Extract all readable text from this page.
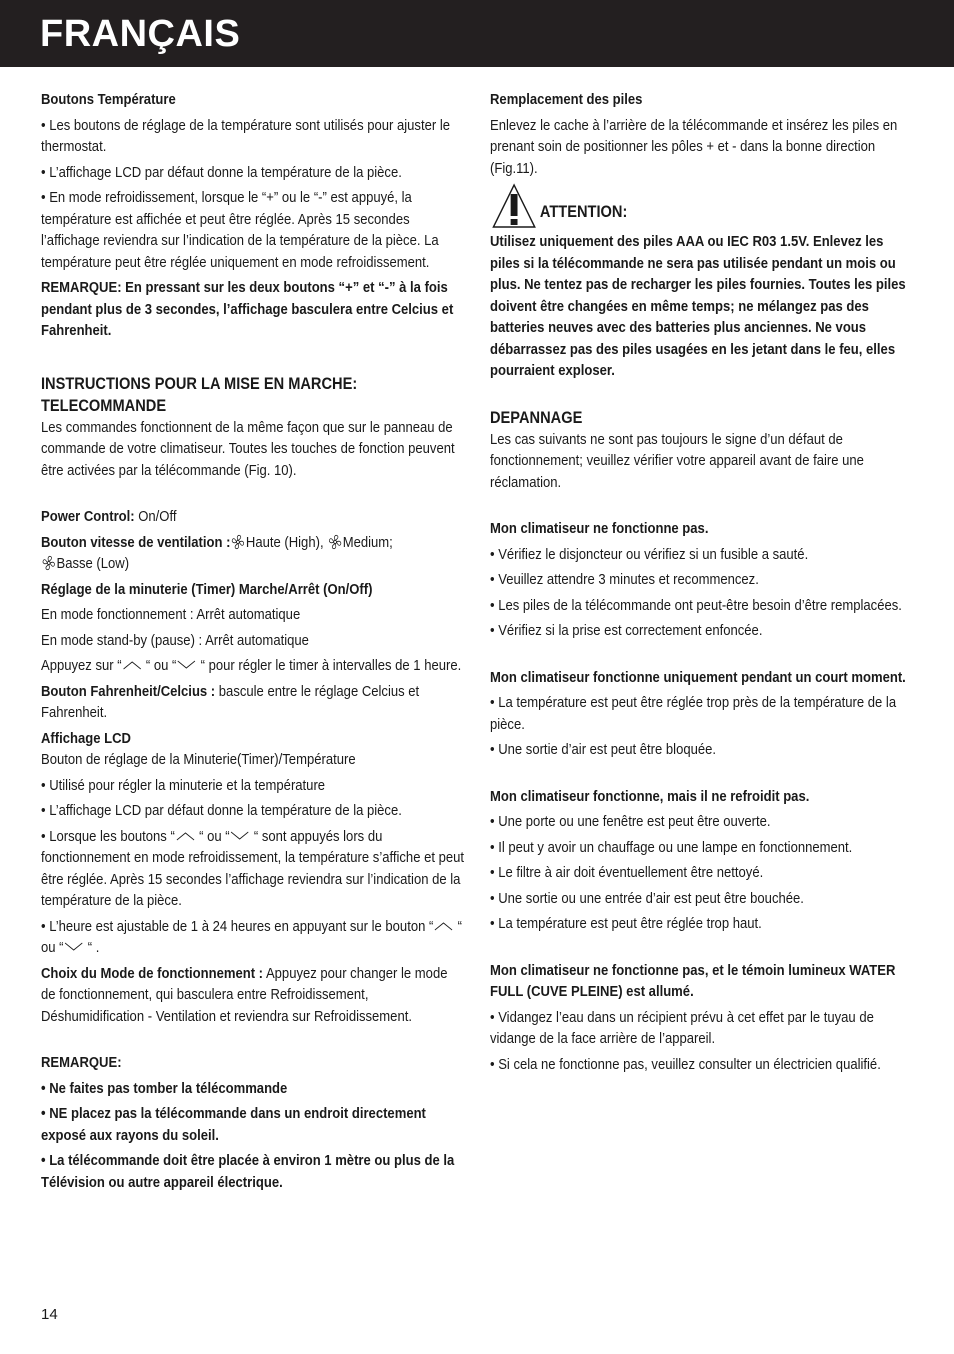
FRANÇAIS

Boutons Température

• Les boutons de réglage de la température sont utilisés pour ajuster le thermostat.

• L’affichage LCD par défaut donne la température de la pièce.

• En mode refroidissement, lorsque le “+” ou le “-” est appuyé, la température est affichée et peut être réglée. Après 15 secondes l’affichage reviendra sur l’indication de la température de la pièce. La température peut être réglée uniquement en mode refroidissement.

REMARQUE: En pressant sur les deux boutons “+” et “-” à la fois pendant plus de 3 secondes, l’affichage basculera entre Celcius et Fahrenheit.

INSTRUCTIONS POUR LA MISE EN MARCHE:

TELECOMMANDE

Les commandes fonctionnent de la même façon que sur le panneau de commande de votre climatiseur. Toutes les touches de fonction peuvent être activées par la télécommande (Fig. 10).

Power Control: On/Off

Bouton vitesse de ventilation : Haute (High), Medium;
Basse (Low)

Réglage de la minuterie (Timer) Marche/Arrêt (On/Off)

En mode fonctionnement : Arrêt automatique

En mode stand-by (pause) : Arrêt automatique

Appuyez sur “ “ ou “ “ pour régler le timer à intervalles de 1 heure.

Bouton Fahrenheit/Celcius : bascule entre le réglage Celcius et Fahrenheit.

Affichage LCD

Bouton de réglage de la Minuterie(Timer)/Température

• Utilisé pour régler la minuterie et la température

• L’affichage LCD par défaut donne la température de la pièce.

• Lorsque les boutons “ “ ou “ “ sont appuyés lors du fonctionnement en mode refroidissement, la température s’affiche et peut être réglée. Après 15 secondes l’affichage reviendra sur l’indication de la température de la pièce.

• L’heure est ajustable de 1 à 24 heures en appuyant sur le bouton “ “ ou “ “ .

Choix du Mode de fonctionnement : Appuyez pour changer le mode de fonctionnement, qui basculera entre Refroidissement, Déshumidification - Ventilation et reviendra sur Refroidissement.

REMARQUE:

• Ne faites pas tomber la télécommande

• NE placez pas la télécommande dans un endroit directement exposé aux rayons du soleil.

• La télécommande doit être placée à environ 1 mètre ou plus de la Télévision ou autre appareil électrique.

Remplacement des piles

Enlevez le cache à l’arrière de la télécommande et insérez les piles en prenant soin de positionner les pôles + et - dans la bonne direction (Fig.11).

ATTENTION:

Utilisez uniquement des piles AAA ou IEC R03 1.5V. Enlevez les piles si la télécommande ne sera pas utilisée pendant un mois ou plus. Ne tentez pas de recharger les piles fournies. Toutes les piles doivent être changées en même temps; ne mélangez pas des batteries neuves avec des batteries plus anciennes. Ne vous débarrassez pas des piles usagées en les jetant dans le feu, elles pourraient exploser.

DEPANNAGE

Les cas suivants ne sont pas toujours le signe d’un défaut de fonctionnement; veuillez vérifier votre appareil avant de faire une réclamation.

Mon climatiseur ne fonctionne pas.

• Vérifiez le disjoncteur ou vérifiez si un fusible a sauté.

• Veuillez attendre 3 minutes et recommencez.

• Les piles de la télécommande ont peut-être besoin d’être remplacées.

• Vérifiez si la prise est correctement enfoncée.

Mon climatiseur fonctionne uniquement pendant un court moment.

• La température est peut être réglée trop près de la température de la pièce.

• Une sortie d’air est peut être bloquée.

Mon climatiseur fonctionne, mais il ne refroidit pas.

• Une porte ou une fenêtre est peut être ouverte.

• Il peut y avoir un chauffage ou une lampe en fonctionnement.

• Le filtre à air doit éventuellement être nettoyé.

• Une sortie ou une entrée d’air est peut être bouchée.

• La température est peut être réglée trop haut.

Mon climatiseur ne fonctionne pas, et le témoin lumineux WATER FULL (CUVE PLEINE) est allumé.

• Vidangez l’eau dans un récipient prévu à cet effet par le tuyau de vidange de la face arrière de l’appareil.

• Si cela ne fonctionne pas, veuillez consulter un électricien qualifié.

14
